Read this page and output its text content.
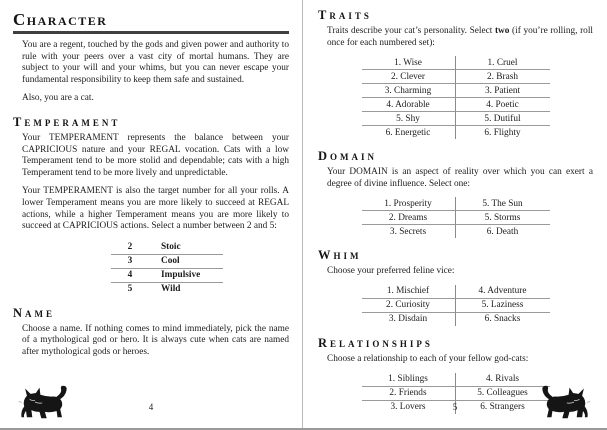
Character

You are a regent, touched by the gods and given power and authority to rule with your peers over a vast city of mortal humans. They are subject to your will and your whims, but you can never escape your fundamental responsibility to keep them safe and sustained.

Also, you are a cat.

Temperament

Your TEMPERAMENT represents the balance between your CAPRICIOUS nature and your REGAL vocation. Cats with a low Temperament tend to be more stolid and dependable; cats with a high Temperament tend to be more lively and unpredictable.

Your TEMPERAMENT is also the target number for all your rolls. A lower Temperament means you are more likely to succeed at REGAL actions, while a higher Temperament means you are more likely to succeed at CAPRICIOUS actions. Select a number between 2 and 5:

2	Stoic
3	Cool
4	Impulsive
5	Wild
Name

Choose a name. If nothing comes to mind immediately, pick the name of a mythological god or hero. It is always cute when cats are named after mythological gods or heroes.

4
Traits

Traits describe your cat’s personality. Select two (if you’re rolling, roll once for each numbered set):

1. Wise	1. Cruel
2. Clever	2. Brash
3. Charming	3. Patient
4. Adorable	4. Poetic
5. Shy	5. Dutiful
6. Energetic	6. Flighty
Domain

Your DOMAIN is an aspect of reality over which you can exert a degree of divine influence. Select one:

1. Prosperity	5. The Sun
2. Dreams	5. Storms
3. Secrets	6. Death
Whim

Choose your preferred feline vice:

1. Mischief	4. Adventure
2. Curiosity	5. Laziness
3. Disdain	6. Snacks
Relationships

Choose a relationship to each of your fellow god-cats:

1. Siblings	4. Rivals
2. Friends	5. Colleagues
3. Lovers	6. Strangers
5
